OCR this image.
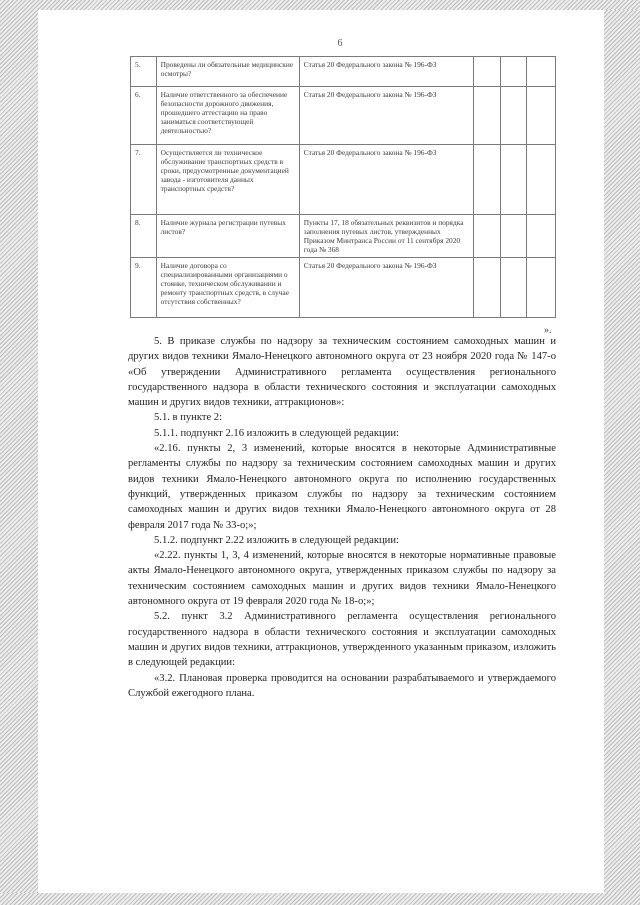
6
5.	Проведены ли обязательные медицинские осмотры?	Статья 20 Федерального закона № 196-ФЗ			
6.	Наличие ответственного за обеспечение безопасности дорожного движения, прошедшего аттестацию на право заниматься соответствующей деятельностью?	Статья 20 Федерального закона № 196-ФЗ			
7.	Осуществляется ли техническое обслуживание транспортных средств в сроки, предусмотренные документацией завода - изготовителя данных транспортных средств?	Статья 20 Федерального закона № 196-ФЗ			
8.	Наличие журнала регистрации путевых листов?	Пункты 17, 18 обязательных реквизитов и порядка заполнения путевых листов, утвержденных Приказом Минтранса России от 11 сентября 2020 года № 368			
9.	Наличие договора со специализированными организациями о стоянке, техническом обслуживании и ремонту транспортных средств, в случае отсутствия собственных?	Статья 20 Федерального закона № 196-ФЗ			
».

5. В приказе службы по надзору за техническим состоянием самоходных машин и других видов техники Ямало-Ненецкого автономного округа от 23 ноября 2020 года № 147-о «Об утверждении Административного регламента осуществления регионального государственного надзора в области технического состояния и эксплуатации самоходных машин и других видов техники, аттракционов»:

5.1. в пункте 2:

5.1.1. подпункт 2.16 изложить в следующей редакции:

«2.16. пункты 2, 3 изменений, которые вносятся в некоторые Административные регламенты службы по надзору за техническим состоянием самоходных машин и других видов техники Ямало-Ненецкого автономного округа по исполнению государственных функций, утвержденных приказом службы по надзору за техническим состоянием самоходных машин и других видов техники Ямало-Ненецкого автономного округа от 28 февраля 2017 года № 33-о;»;

5.1.2. подпункт 2.22 изложить в следующей редакции:

«2.22. пункты 1, 3, 4 изменений, которые вносятся в некоторые нормативные правовые акты Ямало-Ненецкого автономного округа, утвержденных приказом службы по надзору за техническим состоянием самоходных машин и других видов техники Ямало-Ненецкого автономного округа от 19 февраля 2020 года № 18-о;»;

5.2. пункт 3.2 Административного регламента осуществления регионального государственного надзора в области технического состояния и эксплуатации самоходных машин и других видов техники, аттракционов, утвержденного указанным приказом, изложить в следующей редакции:

«3.2. Плановая проверка проводится на основании разрабатываемого и утверждаемого Службой ежегодного плана.
